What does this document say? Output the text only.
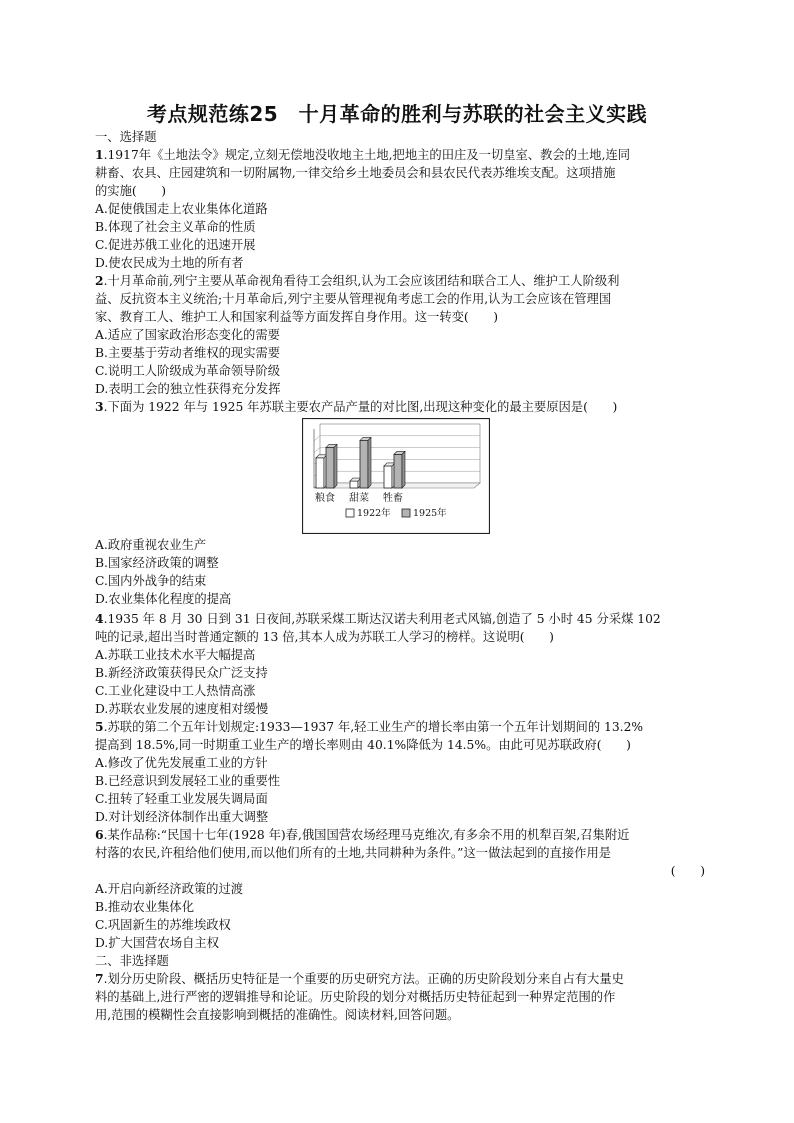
考点规范练25　十月革命的胜利与苏联的社会主义实践
一、选择题
1.1917年《土地法令》规定,立刻无偿地没收地主土地,把地主的田庄及一切皇室、教会的土地,连同
耕畜、农具、庄园建筑和一切附属物,一律交给乡土地委员会和县农民代表苏维埃支配。这项措施
的实施(　　)
A.促使俄国走上农业集体化道路
B.体现了社会主义革命的性质
C.促进苏俄工业化的迅速开展
D.使农民成为土地的所有者
2.十月革命前,列宁主要从革命视角看待工会组织,认为工会应该团结和联合工人、维护工人阶级利
益、反抗资本主义统治;十月革命后,列宁主要从管理视角考虑工会的作用,认为工会应该在管理国
家、教育工人、维护工人和国家利益等方面发挥自身作用。这一转变(　　)
A.适应了国家政治形态变化的需要
B.主要基于劳动者维权的现实需要
C.说明工人阶级成为革命领导阶级
D.表明工会的独立性获得充分发挥
3.下面为 1922 年与 1925 年苏联主要农产品产量的对比图,出现这种变化的最主要原因是(　　)
粮食 甜菜 牲畜
1922年 1925年
A.政府重视农业生产
B.国家经济政策的调整
C.国内外战争的结束
D.农业集体化程度的提高
4.1935 年 8 月 30 日到 31 日夜间,苏联采煤工斯达汉诺夫利用老式风镐,创造了 5 小时 45 分采煤 102
吨的记录,超出当时普通定额的 13 倍,其本人成为苏联工人学习的榜样。这说明(　　)
A.苏联工业技术水平大幅提高
B.新经济政策获得民众广泛支持
C.工业化建设中工人热情高涨
D.苏联农业发展的速度相对缓慢
5.苏联的第二个五年计划规定:1933—1937 年,轻工业生产的增长率由第一个五年计划期间的 13.2%
提高到 18.5%,同一时期重工业生产的增长率则由 40.1%降低为 14.5%。由此可见苏联政府(　　)
A.修改了优先发展重工业的方针
B.已经意识到发展轻工业的重要性
C.扭转了轻重工业发展失调局面
D.对计划经济体制作出重大调整
6.某作品称:“民国十七年(1928 年)春,俄国国营农场经理马克维次,有多余不用的机犁百架,召集附近
村落的农民,许租给他们使用,而以他们所有的土地,共同耕种为条件。”这一做法起到的直接作用是
(　　)
A.开启向新经济政策的过渡
B.推动农业集体化
C.巩固新生的苏维埃政权
D.扩大国营农场自主权
二、非选择题
7.划分历史阶段、概括历史特征是一个重要的历史研究方法。正确的历史阶段划分来自占有大量史
料的基础上,进行严密的逻辑推导和论证。历史阶段的划分对概括历史特征起到一种界定范围的作
用,范围的模糊性会直接影响到概括的准确性。阅读材料,回答问题。
